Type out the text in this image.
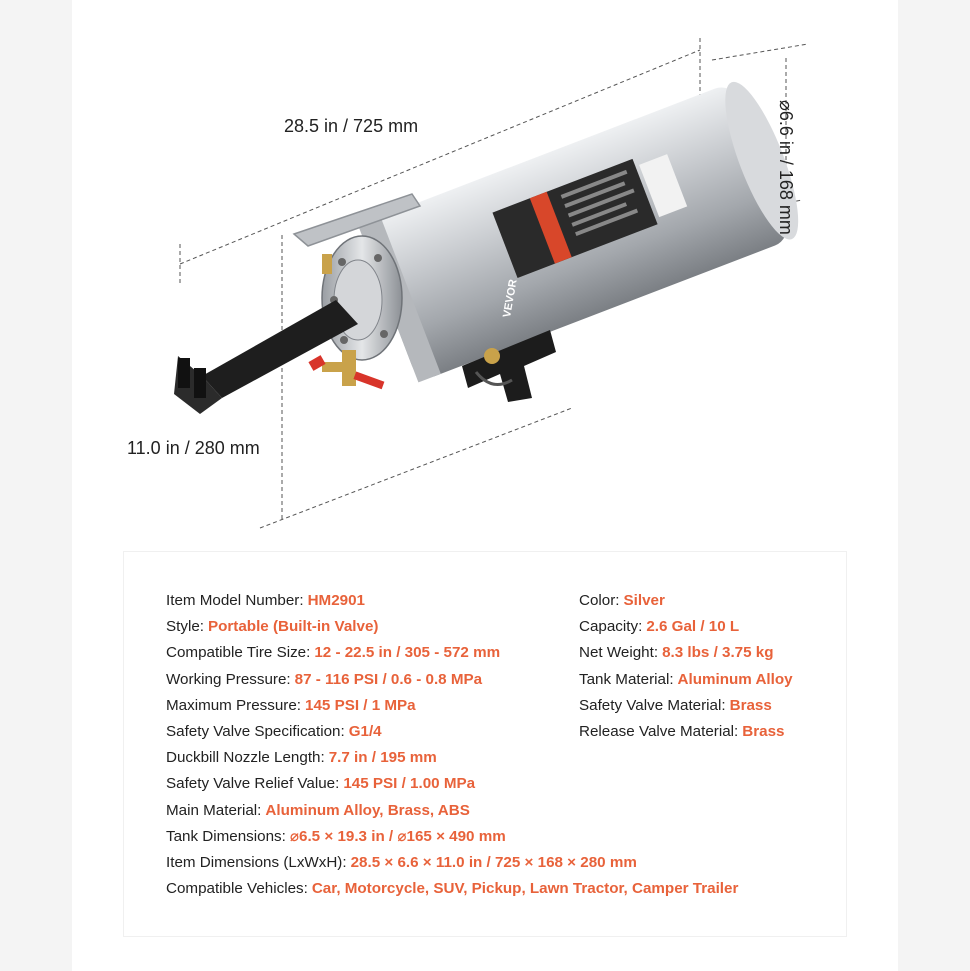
VEVOR
28.5 in / 725 mm
11.0 in / 280 mm
⌀6.6 in / 168 mm
Item Model Number: HM2901
Style: Portable (Built-in Valve)
Compatible Tire Size: 12 - 22.5 in / 305 - 572 mm
Working Pressure: 87 - 116 PSI / 0.6 - 0.8 MPa
Maximum Pressure: 145 PSI / 1 MPa
Safety Valve Specification: G1/4
Duckbill Nozzle Length: 7.7 in / 195 mm
Safety Valve Relief Value: 145 PSI / 1.00 MPa
Main Material: Aluminum Alloy, Brass, ABS
Tank Dimensions: ⌀6.5 × 19.3 in / ⌀165 × 490 mm
Item Dimensions (LxWxH): 28.5 × 6.6 × 11.0 in / 725 × 168 × 280 mm
Compatible Vehicles: Car, Motorcycle, SUV, Pickup, Lawn Tractor, Camper Trailer
Color: Silver
Capacity: 2.6 Gal / 10 L
Net Weight: 8.3 lbs / 3.75 kg
Tank Material: Aluminum Alloy
Safety Valve Material: Brass
Release Valve Material: Brass
